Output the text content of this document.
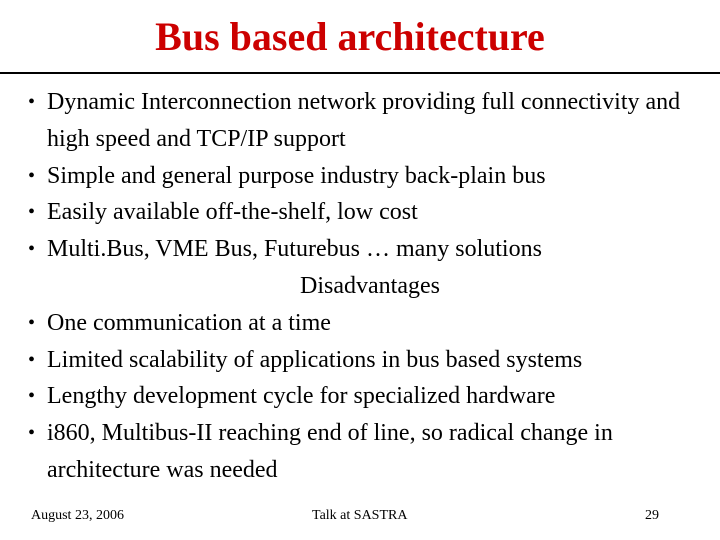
Bus based architecture
• Dynamic Interconnection network providing full connectivity and high speed and TCP/IP support
• Simple and general purpose industry back-plain bus
• Easily available off-the-shelf, low cost
• Multi.Bus, VME Bus, Futurebus … many solutions
Disadvantages
• One communication at a time
• Limited scalability of applications in bus based systems
• Lengthy development cycle for specialized hardware
• i860, Multibus-II reaching end of line, so radical change in architecture was needed
August 23, 2006	Talk at SASTRA	29
